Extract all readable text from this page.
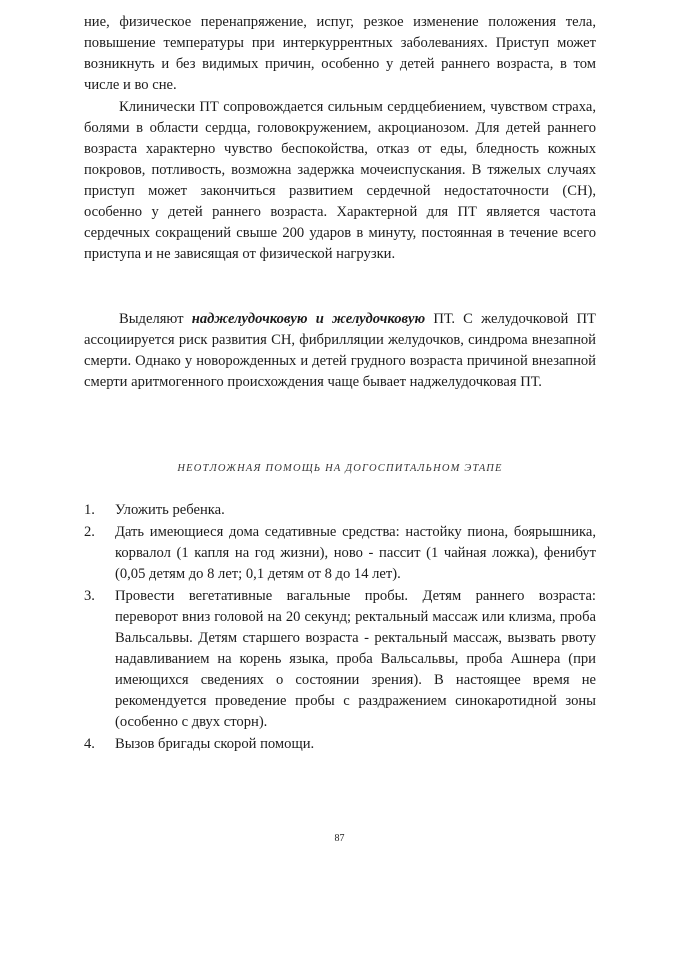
ние, физическое перенапряжение, испуг, резкое изменение положения тела, повышение температуры при интеркуррентных заболеваниях. Приступ может возникнуть и без видимых причин, особенно у детей раннего возраста, в том числе и во сне.

Клинически ПТ сопровождается сильным сердцебиением, чувством страха, болями в области сердца, головокружением, акроцианозом. Для детей раннего возраста характерно чувство беспокойства, отказ от еды, бледность кожных покровов, потливость, возможна задержка мочеиспускания. В тяжелых случаях приступ может закончиться развитием сердечной недостаточности (СН), особенно у детей раннего возраста. Характерной для ПТ является частота сердечных сокращений свыше 200 ударов в минуту, постоянная в течение всего приступа и не зависящая от физической нагрузки.

Выделяют наджелудочковую и желудочковую ПТ. С желудочковой ПТ ассоциируется риск развития СН, фибрилляции желудочков, синдрома внезапной смерти. Однако у новорожденных и детей грудного возраста причиной внезапной смерти аритмогенного происхождения чаще бывает наджелудочковая ПТ.

НЕОТЛОЖНАЯ ПОМОЩЬ НА ДОГОСПИТАЛЬНОМ ЭТАПЕ

1. Уложить ребенка.
2. Дать имеющиеся дома седативные средства: настойку пиона, боярышника, корвалол (1 капля на год жизни), ново - пассит (1 чайная ложка), фенибут (0,05 детям до 8 лет; 0,1 детям от 8 до 14 лет).
3. Провести вегетативные вагальные пробы. Детям раннего возраста: переворот вниз головой на 20 секунд; ректальный массаж или клизма, проба Вальсальвы. Детям старшего возраста - ректальный массаж, вызвать рвоту надавливанием на корень языка, проба Вальсальвы, проба Ашнера (при имеющихся сведениях о состоянии зрения). В настоящее время не рекомендуется проведение пробы с раздражением синокаротидной зоны (особенно с двух сторн).
4. Вызов бригады скорой помощи.

87
